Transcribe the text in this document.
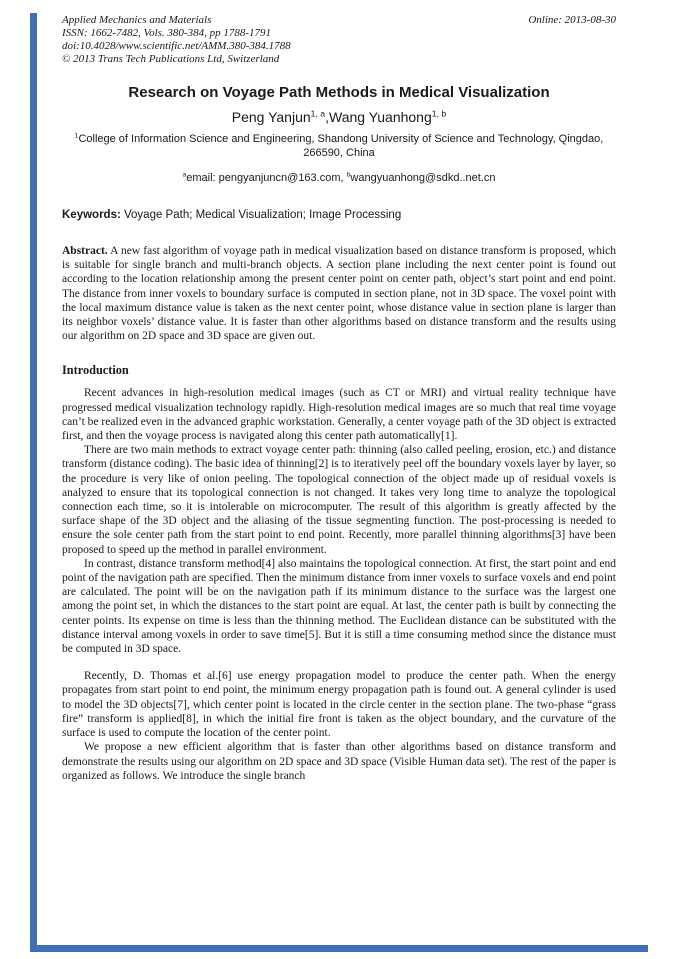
Applied Mechanics and Materials
ISSN: 1662-7482, Vols. 380-384, pp 1788-1791
doi:10.4028/www.scientific.net/AMM.380-384.1788
© 2013 Trans Tech Publications Ltd, Switzerland
Online: 2013-08-30
Research on Voyage Path Methods in Medical Visualization
Peng Yanjun$^{1, a}$,Wang Yuanhong$^{1, b}$
$^1$College of Information Science and Engineering, Shandong University of Science and Technology, Qingdao, 266590, China
$^a$email: pengyanjuncn@163.com, $^b$wangyuanhong@sdkd..net.cn
Keywords: Voyage Path; Medical Visualization; Image Processing

Abstract. A new fast algorithm of voyage path in medical visualization based on distance transform is proposed, which is suitable for single branch and multi-branch objects. A section plane including the next center point is found out according to the location relationship among the present center point on center path, object’s start point and end point. The distance from inner voxels to boundary surface is computed in section plane, not in 3D space. The voxel point with the local maximum distance value is taken as the next center point, whose distance value in section plane is larger than its neighbor voxels’ distance value. It is faster than other algorithms based on distance transform and the results using our algorithm on 2D space and 3D space are given out.

Introduction

Recent advances in high-resolution medical images (such as CT or MRI) and virtual reality technique have progressed medical visualization technology rapidly. High-resolution medical images are so much that real time voyage can’t be realized even in the advanced graphic workstation. Generally, a center voyage path of the 3D object is extracted first, and then the voyage process is navigated along this center path automatically[1].

There are two main methods to extract voyage center path: thinning (also called peeling, erosion, etc.) and distance transform (distance coding). The basic idea of thinning[2] is to iteratively peel off the boundary voxels layer by layer, so the procedure is very like of onion peeling. The topological connection of the object made up of residual voxels is analyzed to ensure that its topological connection is not changed. It takes very long time to analyze the topological connection each time, so it is intolerable on microcomputer. The result of this algorithm is greatly affected by the surface shape of the 3D object and the aliasing of the tissue segmenting function. The post-processing is needed to ensure the sole center path from the start point to end point. Recently, more parallel thinning algorithms[3] have been proposed to speed up the method in parallel environment.

In contrast, distance transform method[4] also maintains the topological connection. At first, the start point and end point of the navigation path are specified. Then the minimum distance from inner voxels to surface voxels and end point are calculated. The point will be on the navigation path if its minimum distance to the surface was the largest one among the point set, in which the distances to the start point are equal. At last, the center path is built by connecting the center points. Its expense on time is less than the thinning method. The Euclidean distance can be substituted with the distance interval among voxels in order to save time[5]. But it is still a time consuming method since the distance must be computed in 3D space.

Recently, D. Thomas et al.[6] use energy propagation model to produce the center path. When the energy propagates from start point to end point, the minimum energy propagation path is found out. A general cylinder is used to model the 3D objects[7], which center point is located in the circle center in the section plane. The two-phase “grass fire” transform is applied[8], in which the initial fire front is taken as the object boundary, and the curvature of the surface is used to compute the location of the center point.

We propose a new efficient algorithm that is faster than other algorithms based on distance transform and demonstrate the results using our algorithm on 2D space and 3D space (Visible Human data set). The rest of the paper is organized as follows. We introduce the single branch
